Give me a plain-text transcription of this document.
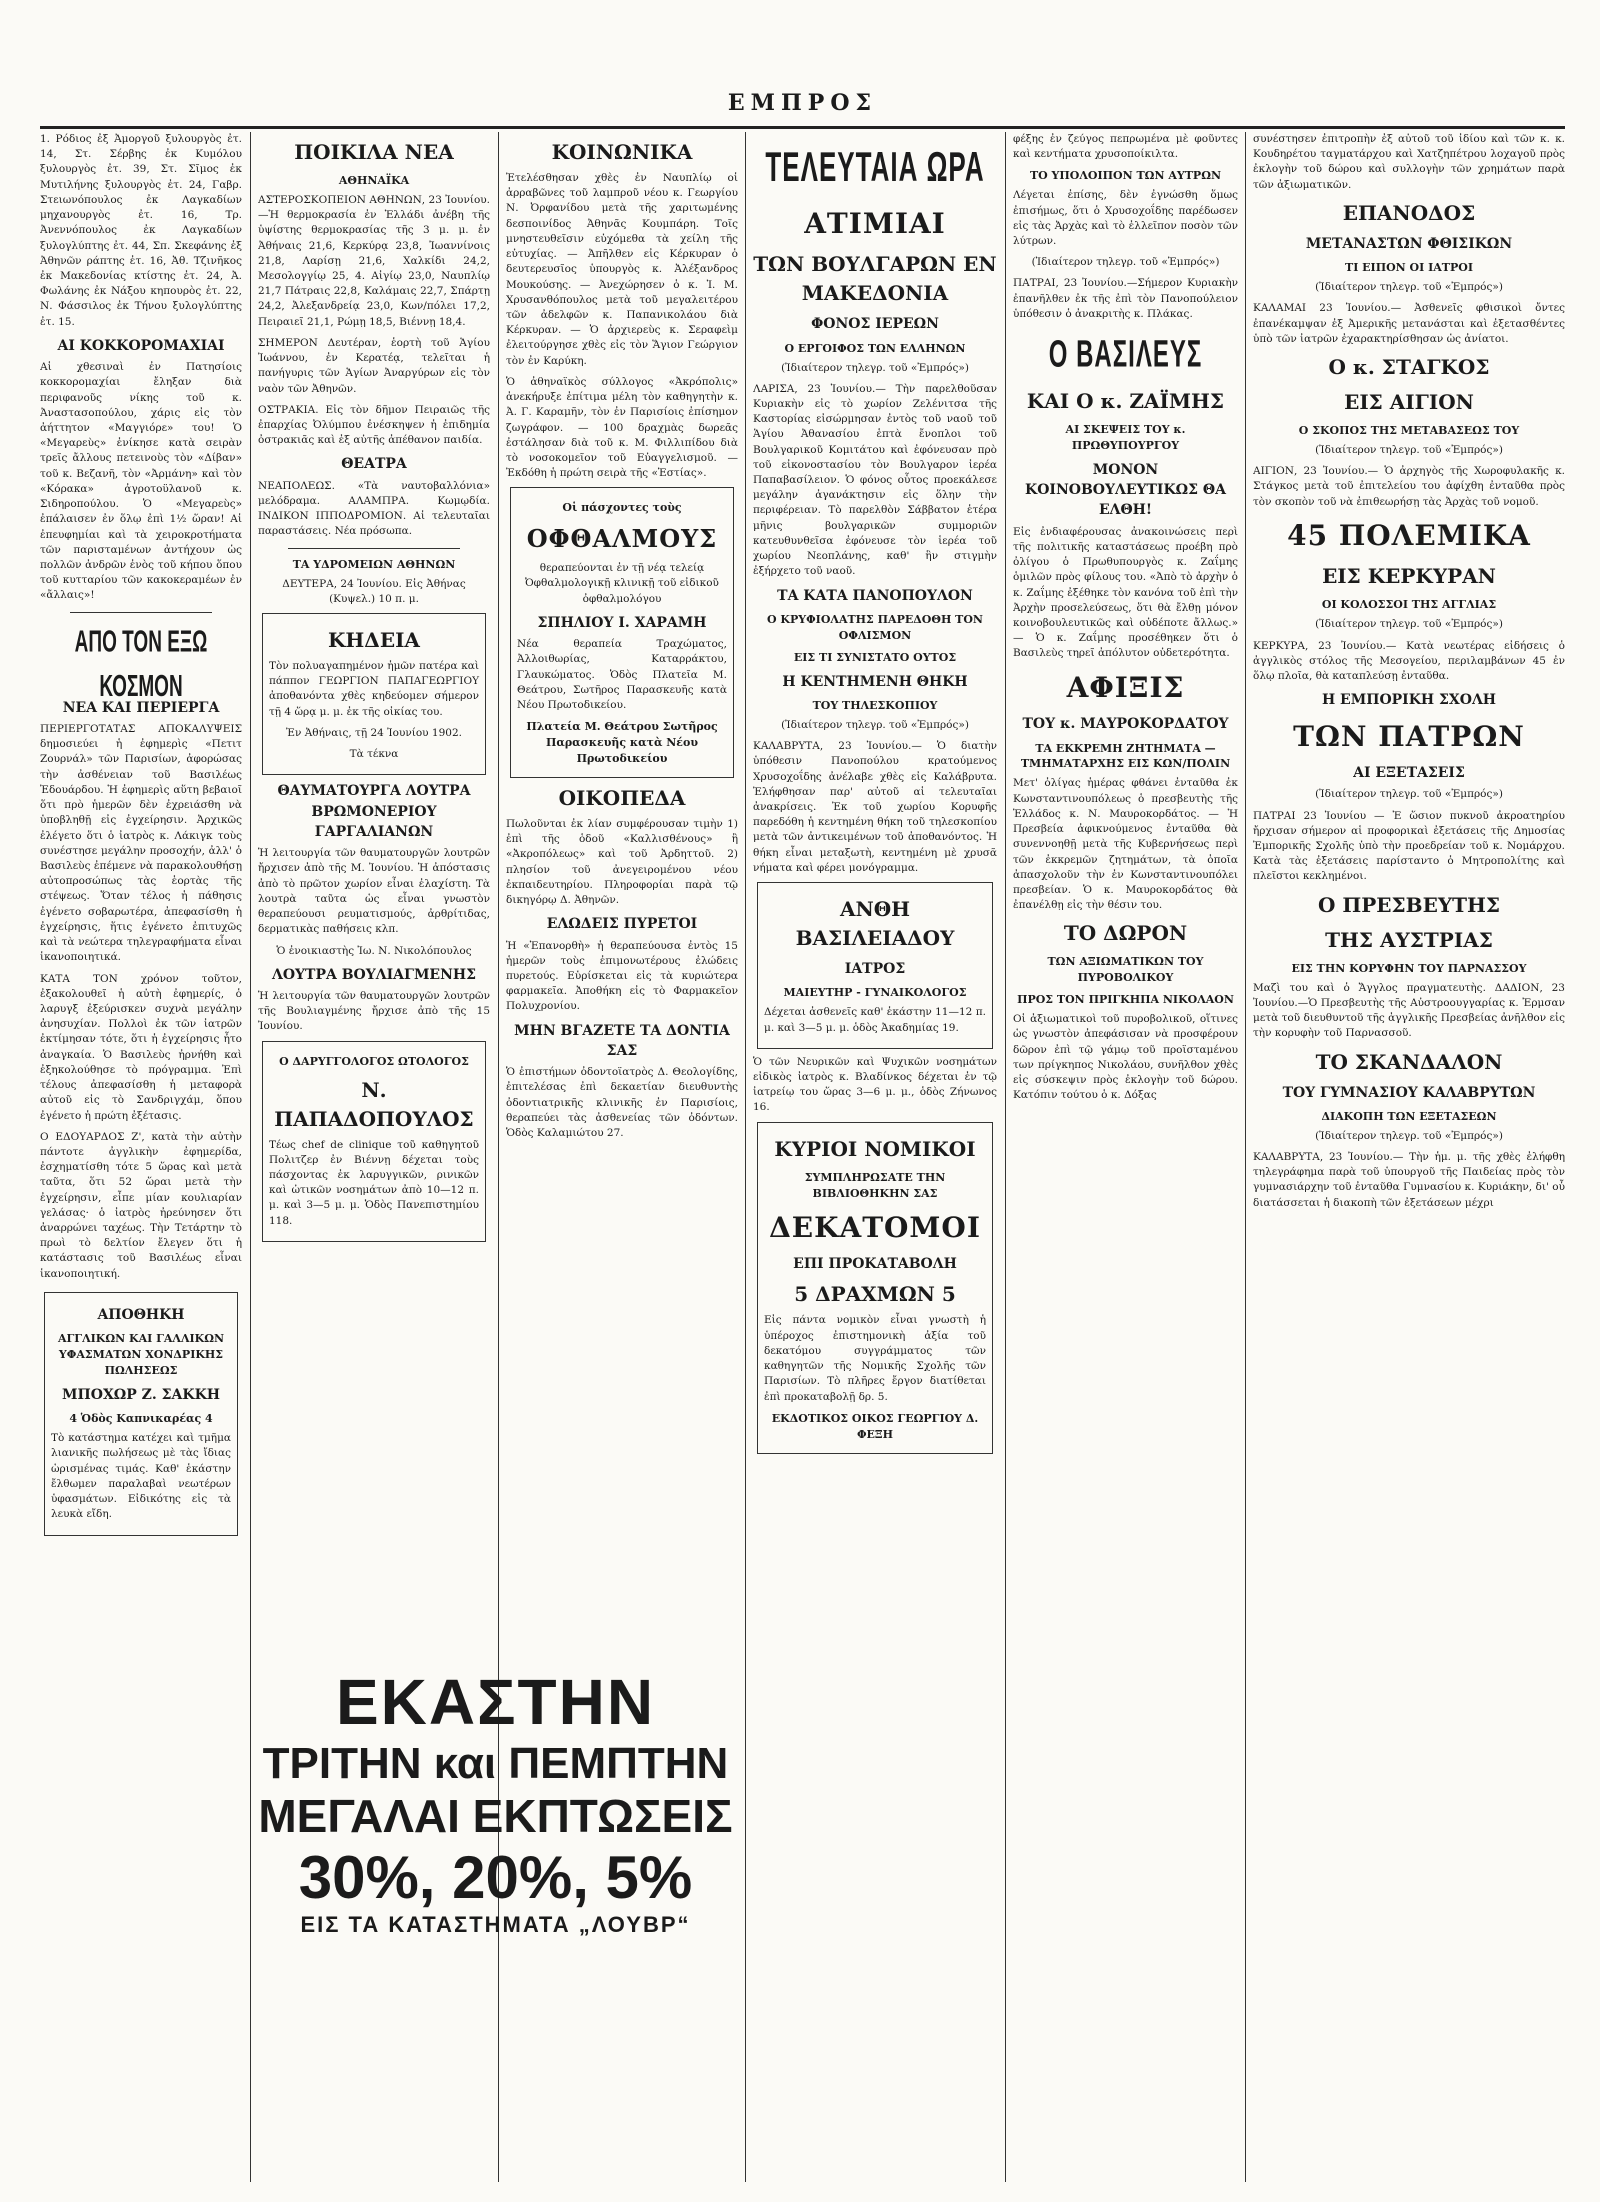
ΕΜΠΡΟΣ

1. Ρόδιος ἐξ Ἀμοργοῦ ξυλουργὸς ἐτ. 14, Στ. Σέρβης ἐκ Κυμόλου ξυλουργὸς ἐτ. 39, Στ. Σῖμος ἐκ Μυτιλήνης ξυλουργὸς ἐτ. 24, Γαβρ. Στειωνόπουλος ἐκ Λαγκαδίων μηχανουργὸς ἐτ. 16, Τρ. Ἀνεννόπουλος ἐκ Λαγκαδίων ξυλογλύπτης ἐτ. 44, Σπ. Σκεφάνης ἐξ Ἀθηνῶν ράπτης ἐτ. 16, Ἀθ. Τζινῆκος ἐκ Μακεδονίας κτίστης ἐτ. 24, Ἀ. Φωλάνης ἐκ Νάξου κηπουρὸς ἐτ. 22, Ν. Φάσσιλος ἐκ Τήνου ξυλογλύπτης ἐτ. 15.

ΑΙ ΚΟΚΚΟΡΟΜΑΧΙΑΙ

Αἱ χθεσιναὶ ἐν Πατησίοις κοκκορομαχίαι ἔληξαν διὰ περιφανοῦς νίκης τοῦ κ. Ἀναστασοπούλου, χάρις εἰς τὸν ἀήττητον «Μαγγιόρε» του! Ὁ «Μεγαρεὺς» ἐνίκησε κατὰ σειρὰν τρεῖς ἄλλους πετεινοὺς τὸν «Δίβαν» τοῦ κ. Βεζανῆ, τὸν «Ἀρμάνη» καὶ τὸν «Κόρακα» ἀγροτοϋλανοῦ κ. Σιδηροπούλου. Ὁ «Μεγαρεὺς» ἐπάλαισεν ἐν ὅλῳ ἐπὶ 1½ ὥραν! Αἱ ἐπευφημίαι καὶ τὰ χειροκροτήματα τῶν παρισταμένων ἀντήχουν ὡς πολλῶν ἀνδρῶν ἐνὸς τοῦ κήπου ὅπου τοῦ κυτταρίου τῶν κακοκεραμέων ἐν «ἄλλαις»!

ΑΠΟ ΤΟΝ ΕΞΩ ΚΟΣΜΟΝ
ΝΕΑ ΚΑΙ ΠΕΡΙΕΡΓΑ

ΠΕΡΙΕΡΓΟΤΑΤΑΣ ΑΠΟΚΑΛΥΨΕΙΣ δημοσιεύει ἡ ἐφημερὶς «Πετιτ Ζουρνάλ» τῶν Παρισίων, ἀφορώσας τὴν ἀσθένειαν τοῦ Βασιλέως Ἐδουάρδου. Ἡ ἐφημερὶς αὕτη βεβαιοῖ ὅτι πρὸ ἡμερῶν δὲν ἐχρειάσθη νὰ ὑποβληθῇ εἰς ἐγχείρησιν. Ἀρχικῶς ἐλέγετο ὅτι ὁ ἰατρὸς κ. Λάκιγκ τοὺς συνέστησε μεγάλην προσοχήν, ἀλλ' ὁ Βασιλεὺς ἐπέμενε νὰ παρακολουθήσῃ αὐτοπροσώπως τὰς ἑορτὰς τῆς στέψεως. Ὅταν τέλος ἡ πάθησις ἐγένετο σοβαρωτέρα, ἀπεφασίσθη ἡ ἐγχείρησις, ἥτις ἐγένετο ἐπιτυχῶς καὶ τὰ νεώτερα τηλεγραφήματα εἶναι ἱκανοποιητικά.

ΚΑΤΑ ΤΟΝ χρόνον τοῦτον, ἐξακολουθεῖ ἡ αὐτὴ ἐφημερίς, ὁ λαρυγξ ἐξεύρισκεν συχνὰ μεγάλην ἀνησυχίαν. Πολλοὶ ἐκ τῶν ἰατρῶν ἐκτίμησαν τότε, ὅτι ἡ ἐγχείρησις ἦτο ἀναγκαία. Ὁ Βασιλεὺς ἠρνήθη καὶ ἐξηκολούθησε τὸ πρόγραμμα. Ἐπὶ τέλους ἀπεφασίσθη ἡ μεταφορὰ αὐτοῦ εἰς τὸ Σανδριγχάμ, ὅπου ἐγένετο ἡ πρώτη ἐξέτασις.

Ο ΕΔΟΥΑΡΔΟΣ Ζ', κατὰ τὴν αὐτὴν πάντοτε ἀγγλικὴν ἐφημερίδα, ἐσχηματίσθη τότε 5 ὥρας καὶ μετὰ ταῦτα, ὅτι 52 ὥραι μετὰ τὴν ἐγχείρησιν, εἶπε μίαν κουλιαρίαν γελάσας· ὁ ἰατρὸς ἠρεύνησεν ὅτι ἀναρρώνει ταχέως. Τὴν Τετάρτην τὸ πρωὶ τὸ δελτίον ἔλεγεν ὅτι ἡ κατάστασις τοῦ Βασιλέως εἶναι ἱκανοποιητική.

ΑΠΟΘΗΚΗ
ΑΓΓΛΙΚΩΝ ΚΑΙ ΓΑΛΛΙΚΩΝ ΥΦΑΣΜΑΤΩΝ ΧΟΝΔΡΙΚΗΣ ΠΩΛΗΣΕΩΣ
ΜΠΟΧΩΡ Ζ. ΣΑΚΚΗ
4 Ὁδὸς Καπνικαρέας 4

Τὸ κατάστημα κατέχει καὶ τμῆμα λιανικῆς πωλήσεως μὲ τὰς ἴδιας ὡρισμένας τιμάς. Καθ' ἑκάστην ἔλθωμεν παραλαβαὶ νεωτέρων ὑφασμάτων. Εἰδικότης εἰς τὰ λευκὰ εἴδη.

ΠΟΙΚΙΛΑ ΝΕΑ
ΑΘΗΝΑΪΚΑ

ΑΣΤΕΡΟΣΚΟΠΕΙΟΝ ΑΘΗΝΩΝ, 23 Ἰουνίου.—Ἡ θερμοκρασία ἐν Ἑλλάδι ἀνέβη τῆς ὑψίστης θερμοκρασίας τῆς 3 μ. μ. ἐν Ἀθήναις 21,6, Κερκύρᾳ 23,8, Ἰωαννίνοις 21,8, Λαρίσῃ 21,6, Χαλκίδι 24,2, Μεσολογγίῳ 25, 4. Αἰγίῳ 23,0, Ναυπλίῳ 21,7 Πάτραις 22,8, Καλάμαις 22,7, Σπάρτῃ 24,2, Ἀλεξανδρείᾳ 23,0, Κων/πόλει 17,2, Πειραιεῖ 21,1, Ρώμῃ 18,5, Βιέννῃ 18,4.

ΣΗΜΕΡΟΝ Δευτέραν, ἑορτὴ τοῦ Ἁγίου Ἰωάννου, ἐν Κερατέᾳ, τελεῖται ἡ πανήγυρις τῶν Ἁγίων Ἀναργύρων εἰς τὸν ναὸν τῶν Ἀθηνῶν.

ΟΣΤΡΑΚΙΑ. Εἰς τὸν δῆμον Πειραιῶς τῆς ἐπαρχίας Ὀλύμπου ἐνέσκηψεν ἡ ἐπιδημία ὀστρακιᾶς καὶ ἐξ αὐτῆς ἀπέθανον παιδία.

ΘΕΑΤΡΑ

ΝΕΑΠΟΛΕΩΣ. «Τὰ ναυτοβαλλόνια» μελόδραμα. ΑΛΑΜΠΡΑ. Κωμῳδία. ΙΝΔΙΚΟΝ ΙΠΠΟΔΡΟΜΙΟΝ. Αἱ τελευταῖαι παραστάσεις. Νέα πρόσωπα.

ΤΑ ΥΔΡΟΜΕΙΩΝ ΑΘΗΝΩΝ

ΔΕΥΤΕΡΑ, 24 Ἰουνίου. Εἰς Ἀθήνας (Κυψελ.) 10 π. μ.

ΚΗΔΕΙΑ

Τὸν πολυαγαπημένον ἡμῶν πατέρα καὶ πάππον ΓΕΩΡΓΙΟΝ ΠΑΠΑΓΕΩΡΓΙΟΥ ἀποθανόντα χθὲς κηδεύομεν σήμερον τῇ 4 ὥρᾳ μ. μ. ἐκ τῆς οἰκίας του.

Ἐν Ἀθήναις, τῇ 24 Ἰουνίου 1902.

Τὰ τέκνα

ΘΑΥΜΑΤΟΥΡΓΑ ΛΟΥΤΡΑ ΒΡΩΜΟΝΕΡΙΟΥ ΓΑΡΓΑΛΙΑΝΩΝ

Ἡ λειτουργία τῶν θαυματουργῶν λουτρῶν ἤρχισεν ἀπὸ τῆς Μ. Ἰουνίου. Ἡ ἀπόστασις ἀπὸ τὸ πρῶτον χωρίον εἶναι ἐλαχίστη. Τὰ λουτρὰ ταῦτα ὡς εἶναι γνωστὸν θεραπεύουσι ρευματισμούς, ἀρθρίτιδας, δερματικὰς παθήσεις κλπ.

Ὁ ἐνοικιαστὴς Ἰω. Ν. Νικολόπουλος

ΛΟΥΤΡΑ ΒΟΥΛΙΑΓΜΕΝΗΣ

Ἡ λειτουργία τῶν θαυματουργῶν λουτρῶν τῆς Βουλιαγμένης ἤρχισε ἀπὸ τῆς 15 Ἰουνίου.

Ο ΔΑΡΥΓΓΟΛΟΓΟΣ ΩΤΟΛΟΓΟΣ
Ν. ΠΑΠΑΔΟΠΟΥΛΟΣ

Τέως chef de clinique τοῦ καθηγητοῦ Πολιτζερ ἐν Βιέννῃ δέχεται τοὺς πάσχοντας ἐκ λαρυγγικῶν, ρινικῶν καὶ ὠτικῶν νοσημάτων ἀπὸ 10—12 π. μ. καὶ 3—5 μ. μ. Ὁδὸς Πανεπιστημίου 118.

ΚΟΙΝΩΝΙΚΑ

Ἐτελέσθησαν χθὲς ἐν Ναυπλίῳ οἱ ἀρραβῶνες τοῦ λαμπροῦ νέου κ. Γεωργίου Ν. Ὀρφανίδου μετὰ τῆς χαριτωμένης δεσποινίδος Ἀθηνᾶς Κουμπάρη. Τοῖς μνηστευθεῖσιν εὐχόμεθα τὰ χείλη τῆς εὐτυχίας. — Ἀπῆλθεν εἰς Κέρκυραν ὁ δευτερευσῖος ὑπουργὸς κ. Ἀλέξανδρος Μουκούσης. — Ἀνεχώρησεν ὁ κ. Ἰ. Μ. Χρυσανθόπουλος μετὰ τοῦ μεγαλειτέρου τῶν ἀδελφῶν κ. Παπανικολάου διὰ Κέρκυραν. — Ὁ ἀρχιερεὺς κ. Σεραφεὶμ ἐλειτούργησε χθὲς εἰς τὸν Ἅγιον Γεώργιον τὸν ἐν Καρύκη.

Ὁ ἀθηναϊκὸς σύλλογος «Ἀκρόπολις» ἀνεκήρυξε ἐπίτιμα μέλη τὸν καθηγητὴν κ. Ἀ. Γ. Καραμῆν, τὸν ἐν Παρισίοις ἐπίσημον ζωγράφον. — 100 δραχμὰς δωρεᾶς ἐστάλησαν διὰ τοῦ κ. Μ. Φιλλιπίδου διὰ τὸ νοσοκομεῖον τοῦ Εὐαγγελισμοῦ. — Ἐκδόθη ἡ πρώτη σειρὰ τῆς «Ἑστίας».

Οἱ πάσχοντες τοὺς
ΟΦΘΑΛΜΟΥΣ

θεραπεύονται ἐν τῇ νέᾳ τελείᾳ Ὀφθαλμολογικῇ κλινικῇ τοῦ εἰδικοῦ ὀφθαλμολόγου

ΣΠΗΛΙΟΥ Ι. ΧΑΡΑΜΗ

Νέα θεραπεία Τραχώματος, Ἀλλοιθωρίας, Καταρράκτου, Γλαυκώματος. Ὁδὸς Πλατεῖα Μ. Θεάτρου, Σωτῆρος Παρασκευῆς κατὰ Νέου Πρωτοδικείου.

Πλατεία Μ. Θεάτρου Σωτῆρος Παρασκευῆς κατὰ Νέου Πρωτοδικείου
ΟΙΚΟΠΕΔΑ

Πωλοῦνται ἐκ λίαν συμφέρουσαν τιμὴν 1) ἐπὶ τῆς ὁδοῦ «Καλλισθένους» ἢ «Ἀκροπόλεως» καὶ τοῦ Ἀρδηττοῦ. 2) πλησίον τοῦ ἀνεγειρομένου νέου ἐκπαιδευτηρίου. Πληροφορίαι παρὰ τῷ δικηγόρῳ Δ. Ἀθηνῶν.

ΕΛΩΔΕΙΣ ΠΥΡΕΤΟΙ

Ἡ «Ἐπανορθὴ» ἡ θεραπεύουσα ἐντὸς 15 ἡμερῶν τοὺς ἐπιμονωτέρους ἐλώδεις πυρετούς. Εὑρίσκεται εἰς τὰ κυριώτερα φαρμακεῖα. Ἀποθήκη εἰς τὸ Φαρμακεῖον Πολυχρονίου.

ΜΗΝ ΒΓΑΖΕΤΕ ΤΑ ΔΟΝΤΙΑ ΣΑΣ

Ὁ ἐπιστήμων ὀδοντοϊατρὸς Δ. Θεολογίδης, ἐπιτελέσας ἐπὶ δεκαετίαν διευθυντὴς ὀδοντιατρικῆς κλινικῆς ἐν Παρισίοις, θεραπεύει τὰς ἀσθενείας τῶν ὀδόντων. Ὁδὸς Καλαμιώτου 27.

ΕΚΑΣΤΗΝ
ΤΡΙΤΗΝ και ΠΕΜΠΤΗΝ
ΜΕΓΑΛΑΙ ΕΚΠΤΩΣΕΙΣ
30%, 20%, 5%
ΕΙΣ ΤΑ ΚΑΤΑΣΤΗΜΑΤΑ „ΛΟΥΒΡ“
ΤΕΛΕΥΤΑΙΑ ΩΡΑ
ΑΤΙΜΙΑΙ
ΤΩΝ ΒΟΥΛΓΑΡΩΝ ΕΝ ΜΑΚΕΔΟΝΙΑ
ΦΟΝΟΣ ΙΕΡΕΩΝ
Ο ΕΡΓΟΙΦΟΣ ΤΩΝ ΕΛΛΗΝΩΝ

(Ἰδιαίτερον τηλεγρ. τοῦ «Ἐμπρός»)

ΛΑΡΙΣΑ, 23 Ἰουνίου.— Τὴν παρελθοῦσαν Κυριακὴν εἰς τὸ χωρίον Ζελένιτσα τῆς Καστορίας εἰσώρμησαν ἐντὸς τοῦ ναοῦ τοῦ Ἁγίου Ἀθανασίου ἑπτὰ ἔνοπλοι τοῦ Βουλγαρικοῦ Κομιτάτου καὶ ἐφόνευσαν πρὸ τοῦ εἰκονοστασίου τὸν Βουλγαρον ἱερέα Παπαβασίλειον. Ὁ φόνος οὗτος προεκάλεσε μεγάλην ἀγανάκτησιν εἰς ὅλην τὴν περιφέρειαν. Τὸ παρελθὸν Σάββατον ἑτέρα μῆνις βουλγαρικῶν συμμοριῶν κατευθυνθεῖσα ἐφόνευσε τὸν ἱερέα τοῦ χωρίου Νεοπλάνης, καθ' ἣν στιγμὴν ἐξήρχετο τοῦ ναοῦ.

ΤΑ ΚΑΤΑ ΠΑΝΟΠΟΥΛΟΝ
Ο ΚΡΥΦΙΟΛΑΤΗΣ ΠΑΡΕΔΟΘΗ ΤΟΝ ΟΦΛΙΣΜΟΝ
ΕΙΣ ΤΙ ΣΥΝΙΣΤΑΤΟ ΟΥΤΟΣ
Η ΚΕΝΤΗΜΕΝΗ ΘΗΚΗ
ΤΟΥ ΤΗΛΕΣΚΟΠΙΟΥ

(Ἰδιαίτερον τηλεγρ. τοῦ «Ἐμπρός»)

ΚΑΛΑΒΡΥΤΑ, 23 Ἰουνίου.— Ὁ διατὴν ὑπόθεσιν Πανοπούλου κρατούμενος Χρυσοχοΐδης ἀνέλαβε χθὲς εἰς Καλάβρυτα. Ἐλήφθησαν παρ' αὐτοῦ αἱ τελευταῖαι ἀνακρίσεις. Ἐκ τοῦ χωρίου Κορυφῆς παρεδόθη ἡ κεντημένη θήκη τοῦ τηλεσκοπίου μετὰ τῶν ἀντικειμένων τοῦ ἀποθανόντος. Ἡ θήκη εἶναι μεταξωτὴ, κεντημένη μὲ χρυσᾶ νήματα καὶ φέρει μονόγραμμα.

ΑΝΘΗ ΒΑΣΙΛΕΙΑΔΟΥ
ΙΑΤΡΟΣ
ΜΑΙΕΥΤΗΡ - ΓΥΝΑΙΚΟΛΟΓΟΣ

Δέχεται ἀσθενεῖς καθ' ἑκάστην 11—12 π. μ. καὶ 3—5 μ. μ. ὁδὸς Ἀκαδημίας 19.

Ὁ τῶν Νευρικῶν καὶ Ψυχικῶν νοσημάτων εἰδικὸς ἰατρὸς κ. Βλαδίνκος δέχεται ἐν τῷ ἰατρείῳ του ὥρας 3—6 μ. μ., ὁδὸς Ζήνωνος 16.

ΚΥΡΙΟΙ ΝΟΜΙΚΟΙ
ΣΥΜΠΛΗΡΩΣΑΤΕ ΤΗΝ ΒΙΒΛΙΟΘΗΚΗΝ ΣΑΣ
ΔΕΚΑΤΟΜΟΙ
ΕΠΙ ΠΡΟΚΑΤΑΒΟΛΗ
5 ΔΡΑΧΜΩΝ 5

Εἰς πάντα νομικὸν εἶναι γνωστὴ ἡ ὑπέροχος ἐπιστημονικὴ ἀξία τοῦ δεκατόμου συγγράμματος τῶν καθηγητῶν τῆς Νομικῆς Σχολῆς τῶν Παρισίων. Τὸ πλῆρες ἔργον διατίθεται ἐπὶ προκαταβολῇ δρ. 5.

ΕΚΔΟΤΙΚΟΣ ΟΙΚΟΣ ΓΕΩΡΓΙΟΥ Δ. ΦΕΞΗ

φέξης ἐν ζεύγος πεπρωμένα μὲ φοῦντες καὶ κεντήματα χρυσοποίκιλτα.

ΤΟ ΥΠΟΛΟΙΠΟΝ ΤΩΝ ΑΥΤΡΩΝ

Λέγεται ἐπίσης, δὲν ἐγνώσθη ὅμως ἐπισήμως, ὅτι ὁ Χρυσοχοΐδης παρέδωσεν εἰς τὰς Ἀρχὰς καὶ τὸ ἐλλεῖπον ποσὸν τῶν λύτρων.

(Ἰδιαίτερον τηλεγρ. τοῦ «Ἐμπρός»)

ΠΑΤΡΑΙ, 23 Ἰουνίου.—Σήμερον Κυριακὴν ἐπανῆλθεν ἐκ τῆς ἐπὶ τὸν Πανοπούλειον ὑπόθεσιν ὁ ἀνακριτὴς κ. Πλάκας.

Ο ΒΑΣΙΛΕΥΣ
ΚΑΙ Ο κ. ΖΑΪΜΗΣ
ΑΙ ΣΚΕΨΕΙΣ ΤΟΥ κ. ΠΡΩΘΥΠΟΥΡΓΟΥ
ΜΟΝΟΝ ΚΟΙΝΟΒΟΥΛΕΥΤΙΚΩΣ ΘΑ ΕΛΘΗ!

Εἰς ἐνδιαφέρουσας ἀνακοινώσεις περὶ τῆς πολιτικῆς καταστάσεως προέβη πρὸ ὀλίγου ὁ Πρωθυπουργὸς κ. Ζαΐμης ὁμιλῶν πρὸς φίλους του. «Ἀπὸ τὸ ἀρχὴν ὁ κ. Ζαΐμης ἐξέθηκε τὸν κανόνα τοῦ ἐπὶ τὴν Ἀρχὴν προσελεύσεως, ὅτι θὰ ἔλθῃ μόνον κοινοβουλευτικῶς καὶ οὐδέποτε ἄλλως.» — Ὁ κ. Ζαΐμης προσέθηκεν ὅτι ὁ Βασιλεὺς τηρεῖ ἀπόλυτον οὐδετερότητα.

ΑΦΙΞΙΣ
ΤΟΥ κ. ΜΑΥΡΟΚΟΡΔΑΤΟΥ
ΤΑ ΕΚΚΡΕΜΗ ΖΗΤΗΜΑΤΑ — ΤΜΗΜΑΤΑΡΧΗΣ ΕΙΣ ΚΩΝ/ΠΟΛΙΝ

Μετ' ὀλίγας ἡμέρας φθάνει ἐνταῦθα ἐκ Κωνσταντινουπόλεως ὁ πρεσβευτὴς τῆς Ἑλλάδος κ. Ν. Μαυροκορδάτος. — Ἡ Πρεσβεία ἀφικνούμενος ἐνταῦθα θὰ συνεννοηθῇ μετὰ τῆς Κυβερνήσεως περὶ τῶν ἐκκρεμῶν ζητημάτων, τὰ ὁποῖα ἀπασχολοῦν τὴν ἐν Κωνσταντινουπόλει πρεσβείαν. Ὁ κ. Μαυροκορδάτος θὰ ἐπανέλθῃ εἰς τὴν θέσιν του.

ΤΟ ΔΩΡΟΝ
ΤΩΝ ΑΞΙΩΜΑΤΙΚΩΝ ΤΟΥ ΠΥΡΟΒΟΛΙΚΟΥ
ΠΡΟΣ ΤΟΝ ΠΡΙΓΚΗΠΑ ΝΙΚΟΛΑΟΝ

Οἱ ἀξιωματικοὶ τοῦ πυροβολικοῦ, οἵτινες ὡς γνωστὸν ἀπεφάσισαν νὰ προσφέρουν δῶρον ἐπὶ τῷ γάμῳ τοῦ προϊσταμένου των πρίγκηπος Νικολάου, συνῆλθον χθὲς εἰς σύσκεψιν πρὸς ἐκλογὴν τοῦ δώρου. Κατόπιν τούτου ὁ κ. Δόξας

συνέστησεν ἐπιτροπὴν ἐξ αὐτοῦ τοῦ ἰδίου καὶ τῶν κ. κ. Κουδηρέτου ταγματάρχου καὶ Χατζηπέτρου λοχαγοῦ πρὸς ἐκλογὴν τοῦ δώρου καὶ συλλογὴν τῶν χρημάτων παρὰ τῶν ἀξιωματικῶν.

ΕΠΑΝΟΔΟΣ
ΜΕΤΑΝΑΣΤΩΝ ΦΘΙΣΙΚΩΝ
ΤΙ ΕΙΠΟΝ ΟΙ ΙΑΤΡΟΙ

(Ἰδιαίτερον τηλεγρ. τοῦ «Ἐμπρός»)

ΚΑΛΑΜΑΙ 23 Ἰουνίου.— Ἀσθενεῖς φθισικοὶ ὄντες ἐπανέκαμψαν ἐξ Ἀμερικῆς μετανάσται καὶ ἐξετασθέντες ὑπὸ τῶν ἰατρῶν ἐχαρακτηρίσθησαν ὡς ἀνίατοι.

Ο κ. ΣΤΑΓΚΟΣ
ΕΙΣ ΑΙΓΙΟΝ
Ο ΣΚΟΠΟΣ ΤΗΣ ΜΕΤΑΒΑΣΕΩΣ ΤΟΥ

(Ἰδιαίτερον τηλεγρ. τοῦ «Ἐμπρός»)

ΑΙΓΙΟΝ, 23 Ἰουνίου.— Ὁ ἀρχηγὸς τῆς Χωροφυλακῆς κ. Στάγκος μετὰ τοῦ ἐπιτελείου του ἀφίχθη ἐνταῦθα πρὸς τὸν σκοπὸν τοῦ νὰ ἐπιθεωρήσῃ τὰς Ἀρχὰς τοῦ νομοῦ.

45 ΠΟΛΕΜΙΚΑ
ΕΙΣ ΚΕΡΚΥΡΑΝ
ΟΙ ΚΟΛΟΣΣΟΙ ΤΗΣ ΑΓΓΛΙΑΣ

(Ἰδιαίτερον τηλεγρ. τοῦ «Ἐμπρός»)

ΚΕΡΚΥΡΑ, 23 Ἰουνίου.— Κατὰ νεωτέρας εἰδήσεις ὁ ἀγγλικὸς στόλος τῆς Μεσογείου, περιλαμβάνων 45 ἐν ὅλῳ πλοῖα, θὰ καταπλεύσῃ ἐνταῦθα.

Η ΕΜΠΟΡΙΚΗ ΣΧΟΛΗ
ΤΩΝ ΠΑΤΡΩΝ
ΑΙ ΕΞΕΤΑΣΕΙΣ

(Ἰδιαίτερον τηλεγρ. τοῦ «Ἐμπρός»)

ΠΑΤΡΑΙ 23 Ἰουνίου — Ἐ ὥσιον πυκνοῦ ἀκροατηρίου ἤρχισαν σήμερον αἱ προφορικαὶ ἐξετάσεις τῆς Δημοσίας Ἐμπορικῆς Σχολῆς ὑπὸ τὴν προεδρείαν τοῦ κ. Νομάρχου. Κατὰ τὰς ἐξετάσεις παρίσταντο ὁ Μητροπολίτης καὶ πλεῖστοι κεκλημένοι.

Ο ΠΡΕΣΒΕΥΤΗΣ
ΤΗΣ ΑΥΣΤΡΙΑΣ
ΕΙΣ ΤΗΝ ΚΟΡΥΦΗΝ ΤΟΥ ΠΑΡΝΑΣΣΟΥ

Μαζὶ του καὶ ὁ Ἄγγλος πραγματευτὴς. ΔΑΔΙΟΝ, 23 Ἰουνίου.—Ὁ Πρεσβευτὴς τῆς Αὐστροουγγαρίας κ. Ἐρμσαν μετὰ τοῦ διευθυντοῦ τῆς ἀγγλικῆς Πρεσβείας ἀνῆλθον εἰς τὴν κορυφὴν τοῦ Παρνασσοῦ.

ΤΟ ΣΚΑΝΔΑΛΟΝ
ΤΟΥ ΓΥΜΝΑΣΙΟΥ ΚΑΛΑΒΡΥΤΩΝ
ΔΙΑΚΟΠΗ ΤΩΝ ΕΞΕΤΑΣΕΩΝ

(Ἰδιαίτερον τηλεγρ. τοῦ «Ἐμπρός»)

ΚΑΛΑΒΡΥΤΑ, 23 Ἰουνίου.— Τὴν ἡμ. μ. τῆς χθὲς ἐλήφθη τηλεγράφημα παρὰ τοῦ ὑπουργοῦ τῆς Παιδείας πρὸς τὸν γυμνασιάρχην τοῦ ἐνταῦθα Γυμνασίου κ. Κυριάκην, δι' οὗ διατάσσεται ἡ διακοπὴ τῶν ἐξετάσεων μέχρι
